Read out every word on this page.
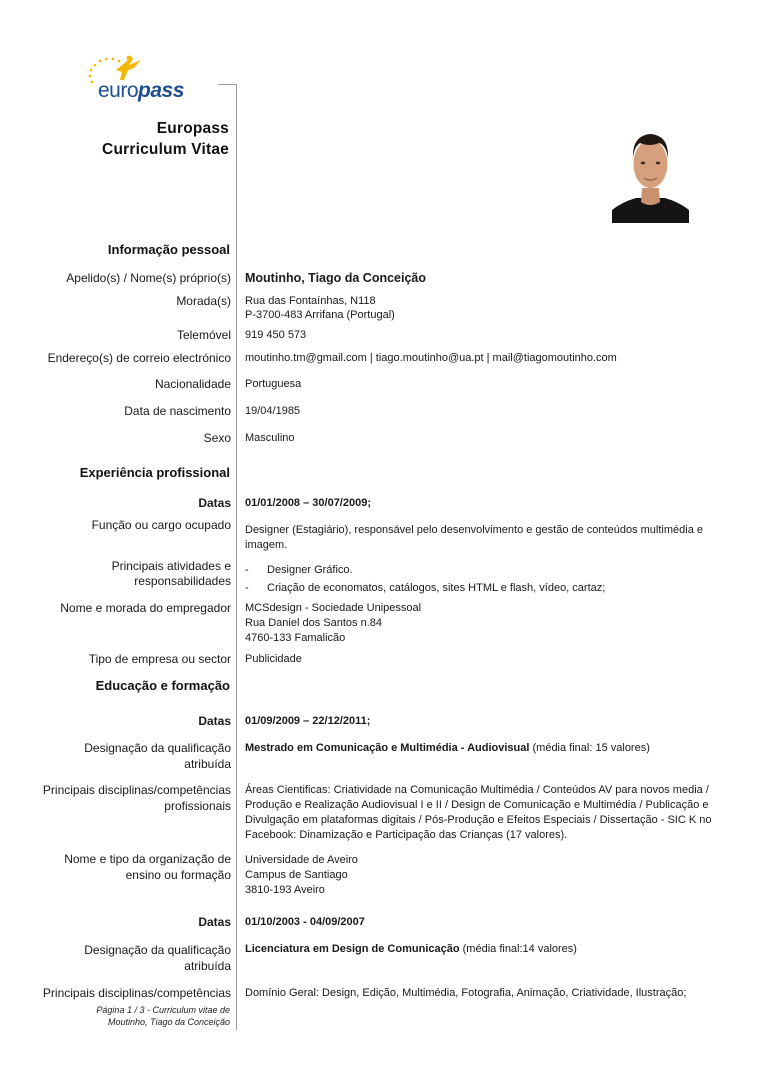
europass
Europass
Curriculum Vitae
Informação pessoal
Apelido(s) / Nome(s) próprio(s) Moutinho, Tiago da Conceição
Morada(s) Rua das Fontaínhas, N118
P-3700-483 Arrifana (Portugal)
Telemóvel 919 450 573
Endereço(s) de correio electrónico moutinho.tm@gmail.com | tiago.moutinho@ua.pt | mail@tiagomoutinho.com
Nacionalidade Portuguesa
Data de nascimento 19/04/1985
Sexo Masculino
Experiência profissional
Datas 01/01/2008 – 30/07/2009;
Função ou cargo ocupado Designer (Estagiário), responsável pelo desenvolvimento e gestão de conteúdos multimédia e
imagem.
Principais atividades e
responsabilidades
- Designer Gráfico.
- Criação de economatos, catálogos, sites HTML e flash, vídeo, cartaz;
Nome e morada do empregador MCSdesign - Sociedade Unipessoal
Rua Daniel dos Santos n.84
4760-133 Famalicão
Tipo de empresa ou sector Publicidade
Educação e formação
Datas 01/09/2009 – 22/12/2011;
Designação da qualificação
atribuída
Mestrado em Comunicação e Multimédia - Audiovisual (média final: 15 valores)
Principais disciplinas/competências
profissionais
Áreas Cientificas: Criatividade na Comunicação Multimédia / Conteúdos AV para novos media /
Produção e Realização Audiovisual I e II / Design de Comunicação e Multimédia / Publicação e
Divulgação em plataformas digitais / Pós-Produção e Efeitos Especiais / Dissertação - SIC K no
Facebook: Dinamização e Participação das Crianças (17 valores).
Nome e tipo da organização de
ensino ou formação
Universidade de Aveiro
Campus de Santiago
3810-193 Aveiro
Datas 01/10/2003 - 04/09/2007
Designação da qualificação
atribuída
Licenciatura em Design de Comunicação (média final:14 valores)
Principais disciplinas/competências Domínio Geral: Design, Edição, Multimédia, Fotografia, Animação, Criatividade, Ilustração;
Página 1 / 3 - Curriculum vitae de
Moutinho, Tiago da Conceição
